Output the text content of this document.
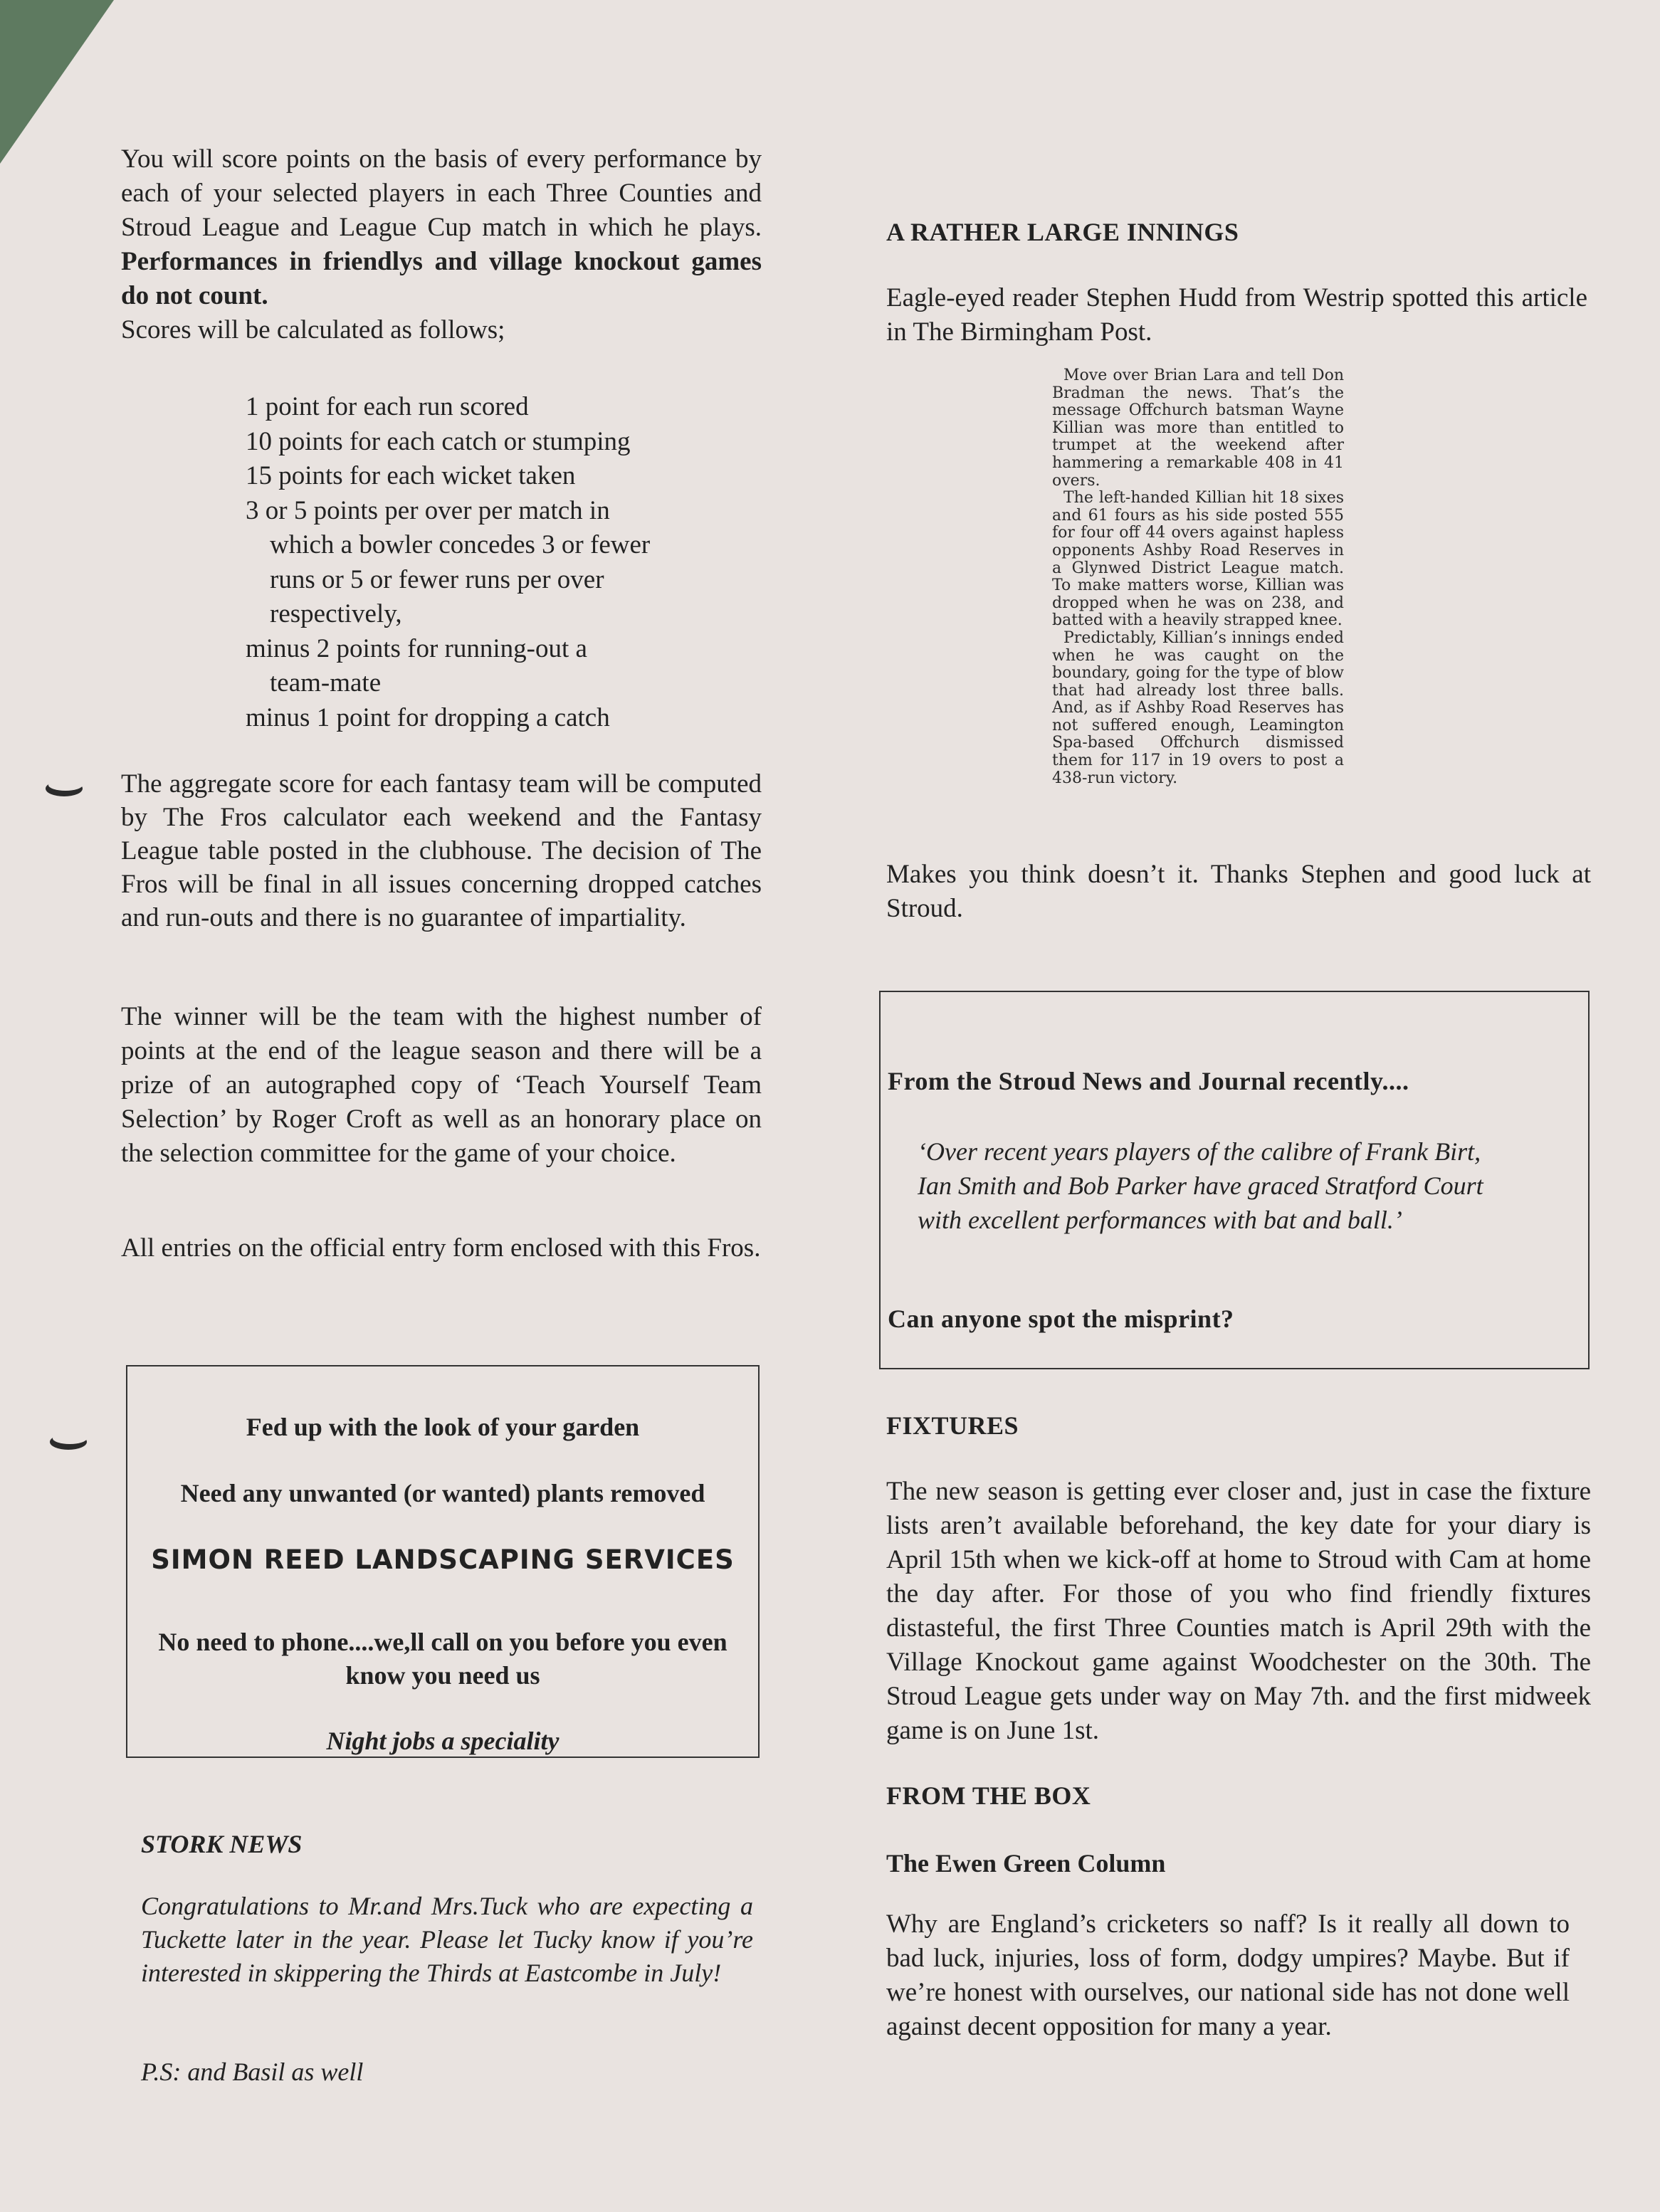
You will score points on the basis of every performance by each of your selected players in each Three Counties and Stroud League and League Cup match in which he plays. Performances in friendlys and village knockout games do not count.
Scores will be calculated as follows;
1 point for each run scored
10 points for each catch or stumping
15 points for each wicket taken
3 or 5 points per over per match in
which a bowler concedes 3 or fewer
runs or 5 or fewer runs per over
respectively,
minus 2 points for running-out a
team-mate
minus 1 point for dropping a catch

The aggregate score for each fantasy team will be computed by The Fros calculator each weekend and the Fantasy League table posted in the clubhouse. The decision of The Fros will be final in all issues concerning dropped catches and run-outs and there is no guarantee of impartiality.

The winner will be the team with the highest number of points at the end of the league season and there will be a prize of an autographed copy of ‘Teach Yourself Team Selection’ by Roger Croft as well as an honorary place on the selection committee for the game of your choice.

All entries on the official entry form enclosed with this Fros.

Fed up with the look of your garden
Need any unwanted (or wanted) plants removed
SIMON REED LANDSCAPING SERVICES
No need to phone....we,ll call on you before you even know you need us
Night jobs a speciality
STORK NEWS

Congratulations to Mr.and Mrs.Tuck who are expecting a Tuckette later in the year. Please let Tucky know if you’re interested in skippering the Thirds at Eastcombe in July!

P.S: and Basil as well
A RATHER LARGE INNINGS

Eagle-eyed reader Stephen Hudd from Westrip spotted this article in The Birmingham Post.

Move over Brian Lara and tell Don Bradman the news. That’s the message Offchurch batsman Wayne Killian was more than entitled to trumpet at the weekend after hammering a remarkable 408 in 41 overs.

The left-handed Killian hit 18 sixes and 61 fours as his side posted 555 for four off 44 overs against hapless opponents Ashby Road Reserves in a Glynwed District League match. To make matters worse, Killian was dropped when he was on 238, and batted with a heavily strapped knee.

Predictably, Killian’s innings ended when he was caught on the boundary, going for the type of blow that had already lost three balls. And, as if Ashby Road Reserves has not suffered enough, Leamington Spa-based Offchurch dismissed them for 117 in 19 overs to post a 438-run victory.

Makes you think doesn’t it. Thanks Stephen and good luck at Stroud.

From the Stroud News and Journal recently....

‘Over recent years players of the calibre of Frank Birt, Ian Smith and Bob Parker have graced Stratford Court with excellent performances with bat and ball.’

Can anyone spot the misprint?
FIXTURES

The new season is getting ever closer and, just in case the fixture lists aren’t available beforehand, the key date for your diary is April 15th when we kick-off at home to Stroud with Cam at home the day after. For those of you who find friendly fixtures distasteful, the first Three Counties match is April 29th with the Village Knockout game against Woodchester on the 30th. The Stroud League gets under way on May 7th. and the first midweek game is on June 1st.

FROM THE BOX
The Ewen Green Column

Why are England’s cricketers so naff? Is it really all down to bad luck, injuries, loss of form, dodgy umpires? Maybe. But if we’re honest with ourselves, our national side has not done well against decent opposition for many a year.
